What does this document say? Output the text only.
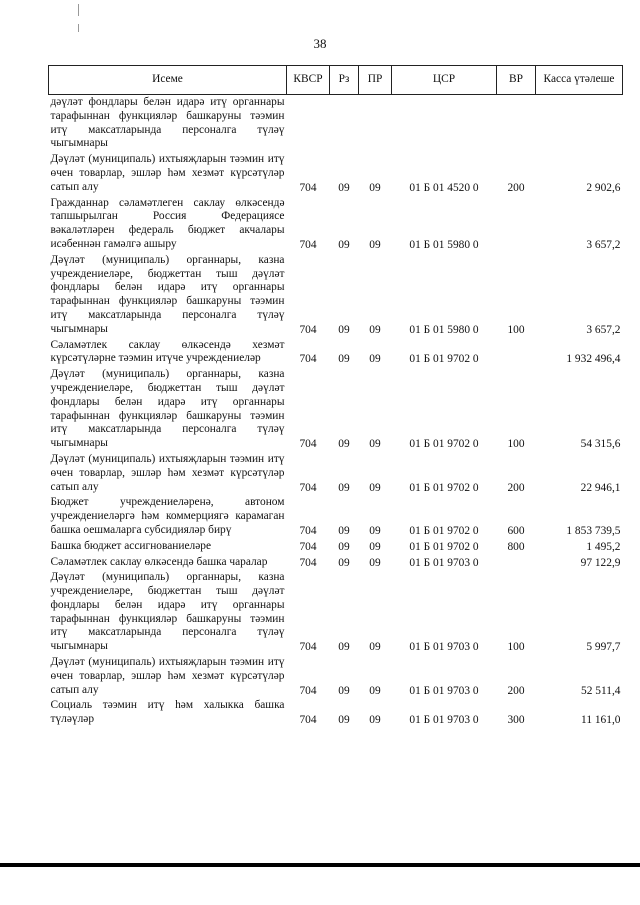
38
Исеме	КВСР	Рз	ПР	ЦСР	ВР	Касса үтәлеше
дәүләт фондлары белән идарә итү органнары тарафыннан функцияләр башкаруны тәэмин итү максатларында персоналга түләү чыгымнары						
Дәүләт (муниципаль) ихтыяҗларын тәэмин итү өчен товарлар, эшләр һәм хезмәт күрсәтүләр сатып алу	704	09	09	01 Б 01 4520 0	200	2 902,6
Гражданнар сәламәтлеген саклау өлкәсендә тапшырылган Россия Федерациясе вәкаләтләрен федераль бюджет акчалары исәбеннән гамәлгә ашыру	704	09	09	01 Б 01 5980 0		3 657,2
Дәүләт (муниципаль) органнары, казна учреждениеләре, бюджеттан тыш дәүләт фондлары белән идарә итү органнары тарафыннан функцияләр башкаруны тәэмин итү максатларында персоналга түләү чыгымнары	704	09	09	01 Б 01 5980 0	100	3 657,2
Сәламәтлек саклау өлкәсендә хезмәт күрсәтүләрне тәэмин итүче учреждениеләр	704	09	09	01 Б 01 9702 0		1 932 496,4
Дәүләт (муниципаль) органнары, казна учреждениеләре, бюджеттан тыш дәүләт фондлары белән идарә итү органнары тарафыннан функцияләр башкаруны тәэмин итү максатларында персоналга түләү чыгымнары	704	09	09	01 Б 01 9702 0	100	54 315,6
Дәүләт (муниципаль) ихтыяҗларын тәэмин итү өчен товарлар, эшләр һәм хезмәт күрсәтүләр сатып алу	704	09	09	01 Б 01 9702 0	200	22 946,1
Бюджет учреждениеләренә, автоном учреждениеләргә һәм коммерциягә карамаган башка оешмаларга субсидияләр бирү	704	09	09	01 Б 01 9702 0	600	1 853 739,5
Башка бюджет ассигнованиеләре	704	09	09	01 Б 01 9702 0	800	1 495,2
Сәламәтлек саклау өлкәсендә башка чаралар	704	09	09	01 Б 01 9703 0		97 122,9
Дәүләт (муниципаль) органнары, казна учреждениеләре, бюджеттан тыш дәүләт фондлары белән идарә итү органнары тарафыннан функцияләр башкаруны тәэмин итү максатларында персоналга түләү чыгымнары	704	09	09	01 Б 01 9703 0	100	5 997,7
Дәүләт (муниципаль) ихтыяҗларын тәэмин итү өчен товарлар, эшләр һәм хезмәт күрсәтүләр сатып алу	704	09	09	01 Б 01 9703 0	200	52 511,4
Социаль тәэмин итү һәм халыкка башка түләүләр	704	09	09	01 Б 01 9703 0	300	11 161,0
